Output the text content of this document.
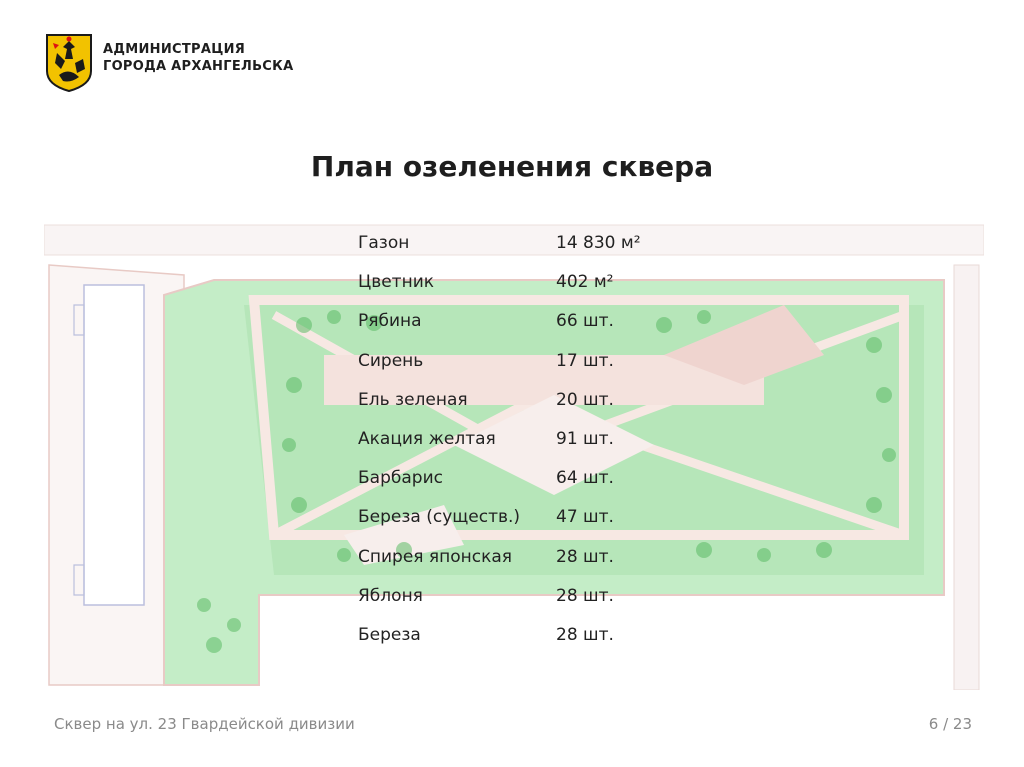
АДМИНИСТРАЦИЯ
ГОРОДА АРХАНГЕЛЬСКА
План озеленения сквера
Газон	14 830 м²
Цветник	402 м²
Рябина	66 шт.
Сирень	17 шт.
Ель зеленая	20 шт.
Акация желтая	91 шт.
Барбарис	64 шт.
Береза (существ.) 47 шт.
Спирея японская	28 шт.
Яблоня	28 шт.
Береза	28 шт.
Сквер на ул. 23 Гвардейской дивизии	6 / 23
